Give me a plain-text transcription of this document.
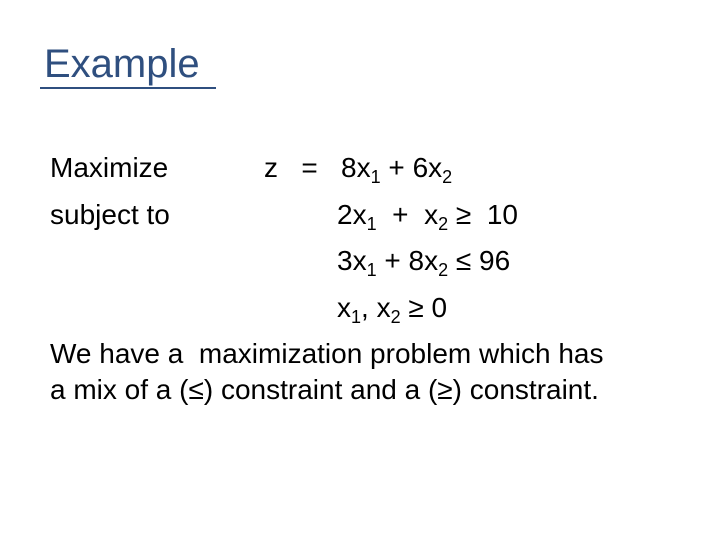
Example
Maximize
subject to
$z = 8x_1 + 6x_2$
$2x_1 + x_2 \ge 10$
$3x_1 + 8x_2 \le 96$
$x_1$, $x_2 \ge 0$
We have a  maximization problem which has
a mix of a (≤) constraint and a (≥) constraint.
